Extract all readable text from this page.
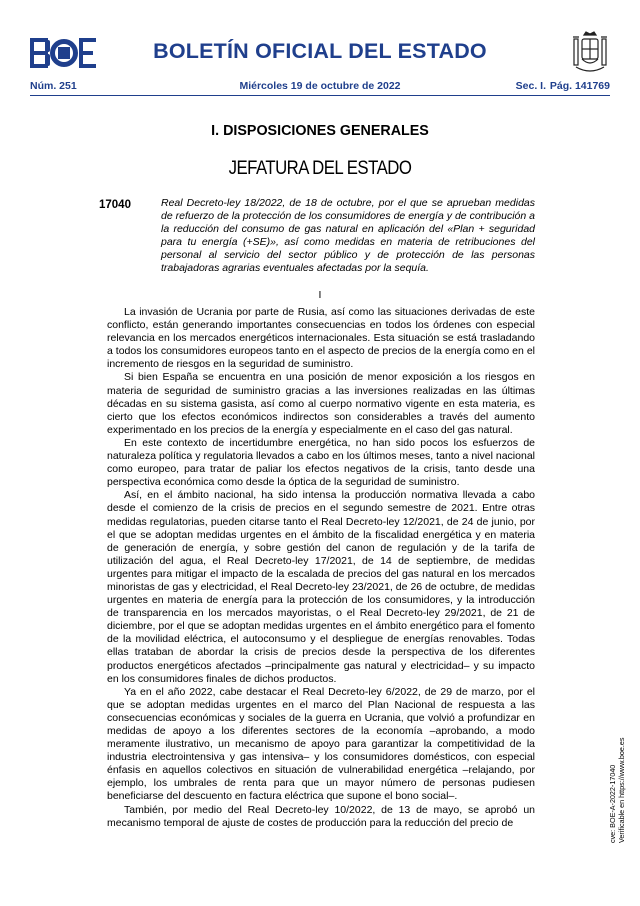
BOLETÍN OFICIAL DEL ESTADO
Núm. 251	Miércoles 19 de octubre de 2022	Sec. I. Pág. 141769
I. DISPOSICIONES GENERALES
JEFATURA DEL ESTADO
17040	Real Decreto-ley 18/2022, de 18 de octubre, por el que se aprueban medidas de refuerzo de la protección de los consumidores de energía y de contribución a la reducción del consumo de gas natural en aplicación del «Plan + seguridad para tu energía (+SE)», así como medidas en materia de retribuciones del personal al servicio del sector público y de protección de las personas trabajadoras agrarias eventuales afectadas por la sequía.
I

La invasión de Ucrania por parte de Rusia, así como las situaciones derivadas de este conflicto, están generando importantes consecuencias en todos los órdenes con especial relevancia en los mercados energéticos internacionales. Esta situación se está trasladando a todos los consumidores europeos tanto en el aspecto de precios de la energía como en el incremento de riesgos en la seguridad de suministro.

Si bien España se encuentra en una posición de menor exposición a los riesgos en materia de seguridad de suministro gracias a las inversiones realizadas en las últimas décadas en su sistema gasista, así como al cuerpo normativo vigente en esta materia, es cierto que los efectos económicos indirectos son considerables a través del aumento experimentado en los precios de la energía y especialmente en el caso del gas natural.

En este contexto de incertidumbre energética, no han sido pocos los esfuerzos de naturaleza política y regulatoria llevados a cabo en los últimos meses, tanto a nivel nacional como europeo, para tratar de paliar los efectos negativos de la crisis, tanto desde una perspectiva económica como desde la óptica de la seguridad de suministro.

Así, en el ámbito nacional, ha sido intensa la producción normativa llevada a cabo desde el comienzo de la crisis de precios en el segundo semestre de 2021. Entre otras medidas regulatorias, pueden citarse tanto el Real Decreto-ley 12/2021, de 24 de junio, por el que se adoptan medidas urgentes en el ámbito de la fiscalidad energética y en materia de generación de energía, y sobre gestión del canon de regulación y de la tarifa de utilización del agua, el Real Decreto-ley 17/2021, de 14 de septiembre, de medidas urgentes para mitigar el impacto de la escalada de precios del gas natural en los mercados minoristas de gas y electricidad, el Real Decreto-ley 23/2021, de 26 de octubre, de medidas urgentes en materia de energía para la protección de los consumidores, y la introducción de transparencia en los mercados mayoristas, o el Real Decreto-ley 29/2021, de 21 de diciembre, por el que se adoptan medidas urgentes en el ámbito energético para el fomento de la movilidad eléctrica, el autoconsumo y el despliegue de energías renovables. Todas ellas trataban de abordar la crisis de precios desde la perspectiva de los diferentes productos energéticos afectados –principalmente gas natural y electricidad– y su impacto en los consumidores finales de dichos productos.

Ya en el año 2022, cabe destacar el Real Decreto-ley 6/2022, de 29 de marzo, por el que se adoptan medidas urgentes en el marco del Plan Nacional de respuesta a las consecuencias económicas y sociales de la guerra en Ucrania, que volvió a profundizar en medidas de apoyo a los diferentes sectores de la economía –aprobando, a modo meramente ilustrativo, un mecanismo de apoyo para garantizar la competitividad de la industria electrointensiva y gas intensiva– y los consumidores domésticos, con especial énfasis en aquellos colectivos en situación de vulnerabilidad energética –relajando, por ejemplo, los umbrales de renta para que un mayor número de personas pudiesen beneficiarse del descuento en factura eléctrica que supone el bono social–.

También, por medio del Real Decreto-ley 10/2022, de 13 de mayo, se aprobó un mecanismo temporal de ajuste de costes de producción para la reducción del precio de	cve: BOE-A-2022-17040 Verificable en https://www.boe.es
